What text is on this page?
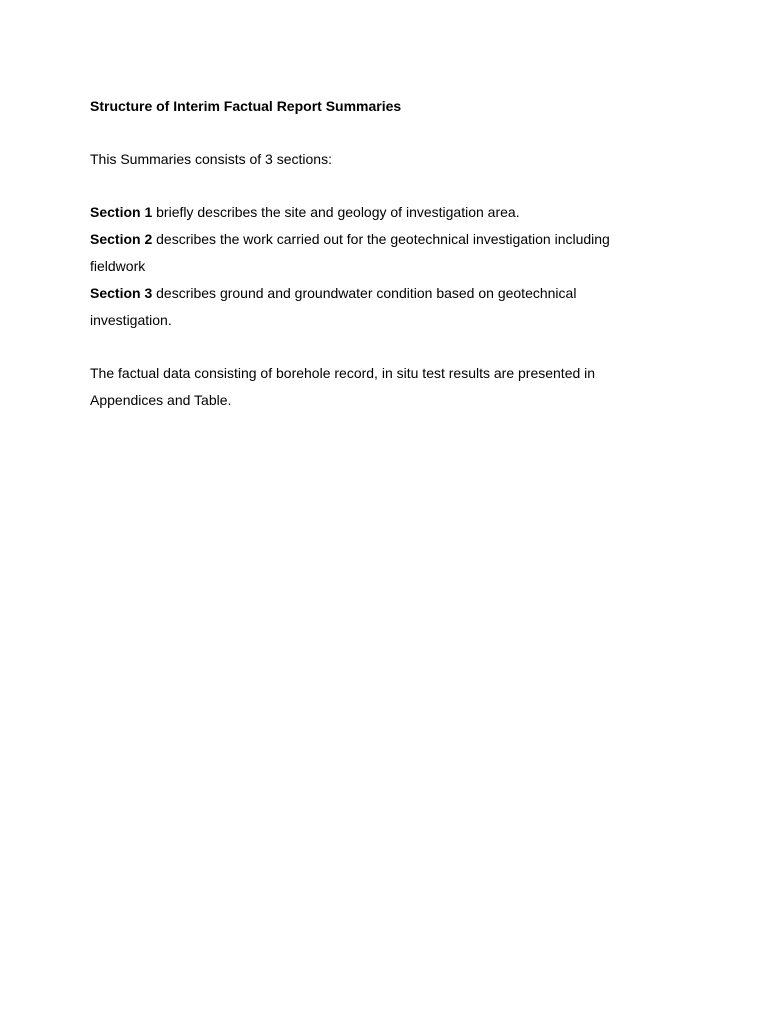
Structure of Interim Factual Report Summaries

This Summaries consists of 3 sections:

Section 1 briefly describes the site and geology of investigation area.

Section 2 describes the work carried out for the geotechnical investigation including fieldwork

Section 3 describes ground and groundwater condition based on geotechnical investigation.

The factual data consisting of borehole record, in situ test results are presented in Appendices and Table.
